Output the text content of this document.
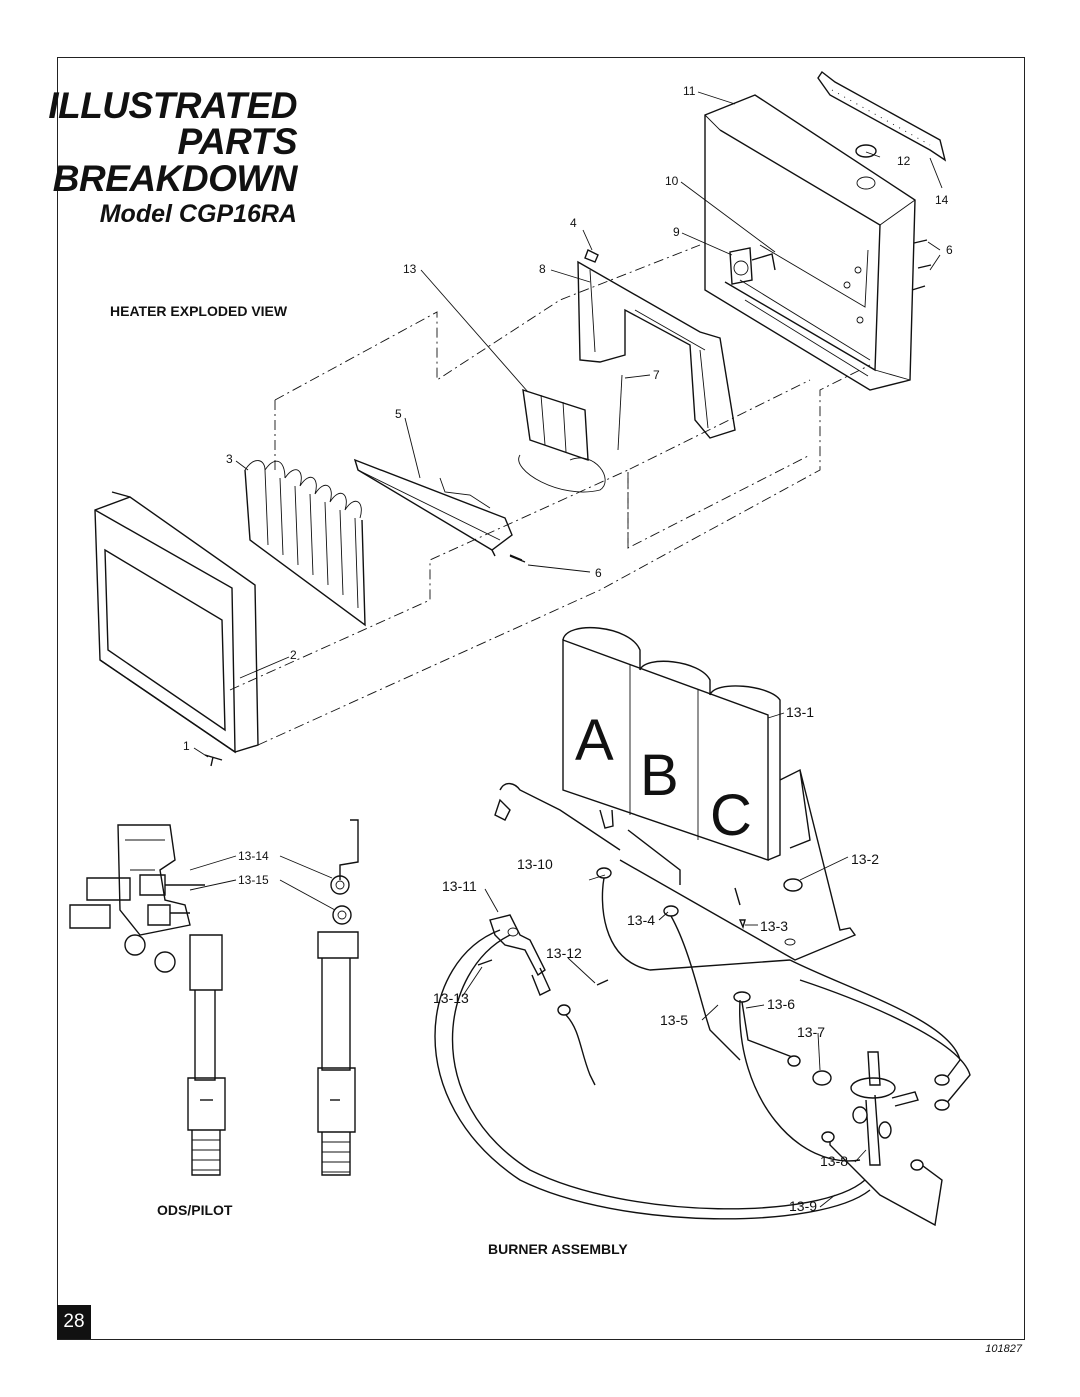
ILLUSTRATED
PARTS
BREAKDOWN
Model CGP16RA
HEATER EXPLODED VIEW
ODS/PILOT
BURNER ASSEMBLY
A
B
C
1
2
3
4
5
6
6
7
8
9
10
11
12
13
14
13-1
13-2
13-3
13-4
13-5
13-6
13-7
13-8
13-9
13-10
13-11
13-12
13-13
13-14
13-15
28
101827
